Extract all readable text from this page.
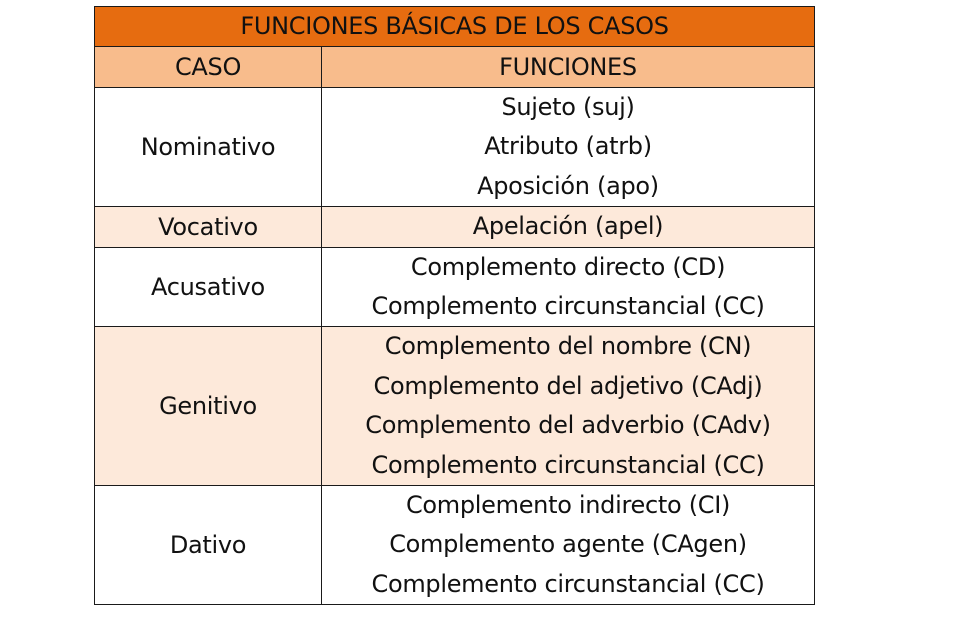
FUNCIONES BÁSICAS DE LOS CASOS	
CASO	FUNCIONES
Nominativo	Sujeto (suj)
Atributo (atrb)
Aposición (apo)

Vocativo	Apelación (apel)

Acusativo	Complemento directo (CD)
Complemento circunstancial (CC)

Genitivo	Complemento del nombre (CN)
Complemento del adjetivo (CAdj)
Complemento del adverbio (CAdv)
Complemento circunstancial (CC)

Dativo	Complemento indirecto (CI)
Complemento agente (CAgen)
Complemento circunstancial (CC)
